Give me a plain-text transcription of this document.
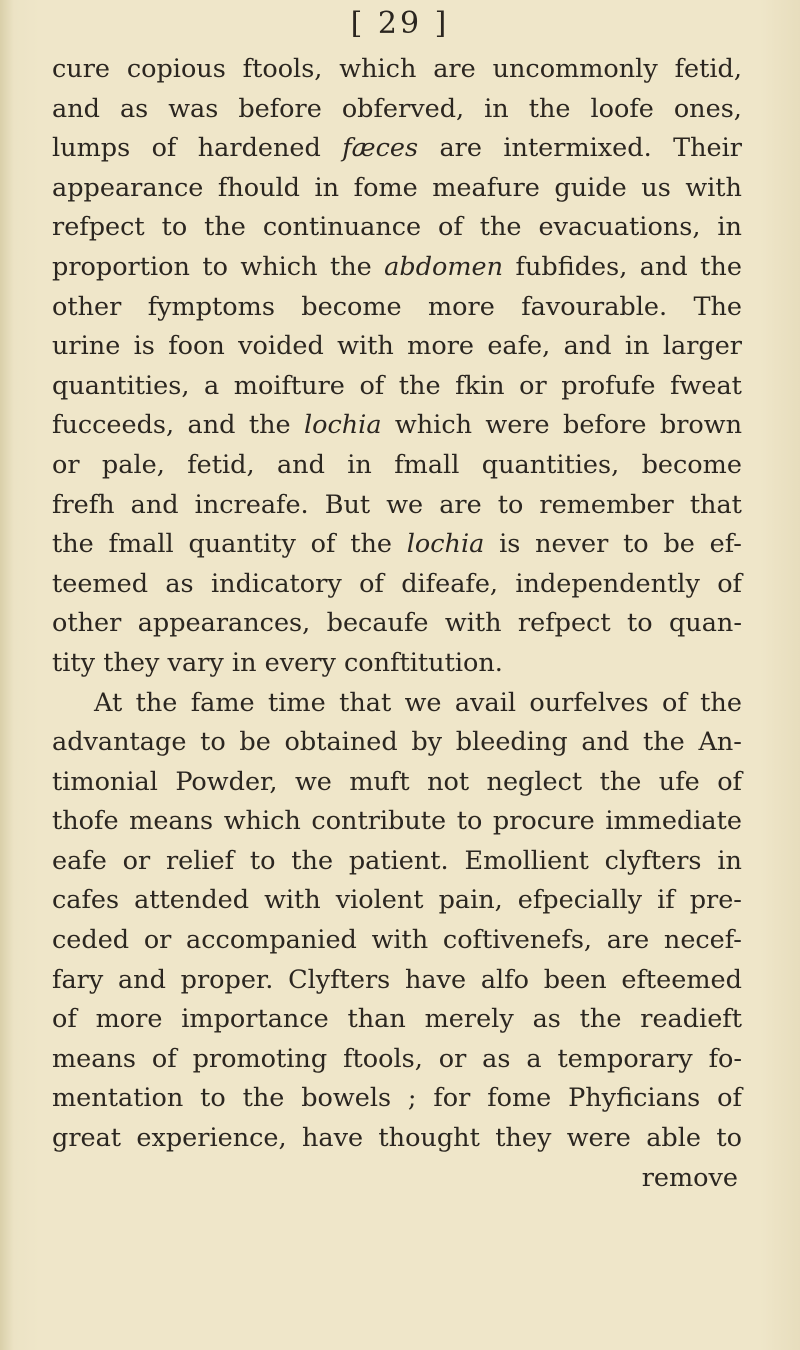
[ 29 ]
cure copious ftools, which are uncommonly fetid,
and as was before obferved, in the loofe ones,
lumps of hardened fæces are intermixed. Their
appearance fhould in fome meafure guide us with
refpect to the continuance of the evacuations, in
proportion to which the abdomen fubfides, and the
other fymptoms become more favourable. The
urine is foon voided with more eafe, and in larger
quantities, a moifture of the fkin or profufe fweat
fucceeds, and the lochia which were before brown
or pale, fetid, and in fmall quantities, become
frefh and increafe. But we are to remember that
the fmall quantity of the lochia is never to be ef-
teemed as indicatory of difeafe, independently of
other appearances, becaufe with refpect to quan-
tity they vary in every conftitution.
At the fame time that we avail ourfelves of the
advantage to be obtained by bleeding and the An-
timonial Powder, we muft not neglect the ufe of
thofe means which contribute to procure immediate
eafe or relief to the patient. Emollient clyfters in
cafes attended with violent pain, efpecially if pre-
ceded or accompanied with coftivenefs, are necef-
fary and proper. Clyfters have alfo been efteemed
of more importance than merely as the readieft
means of promoting ftools, or as a temporary fo-
mentation to the bowels ; for fome Phyficians of
great experience, have thought they were able to
remove
